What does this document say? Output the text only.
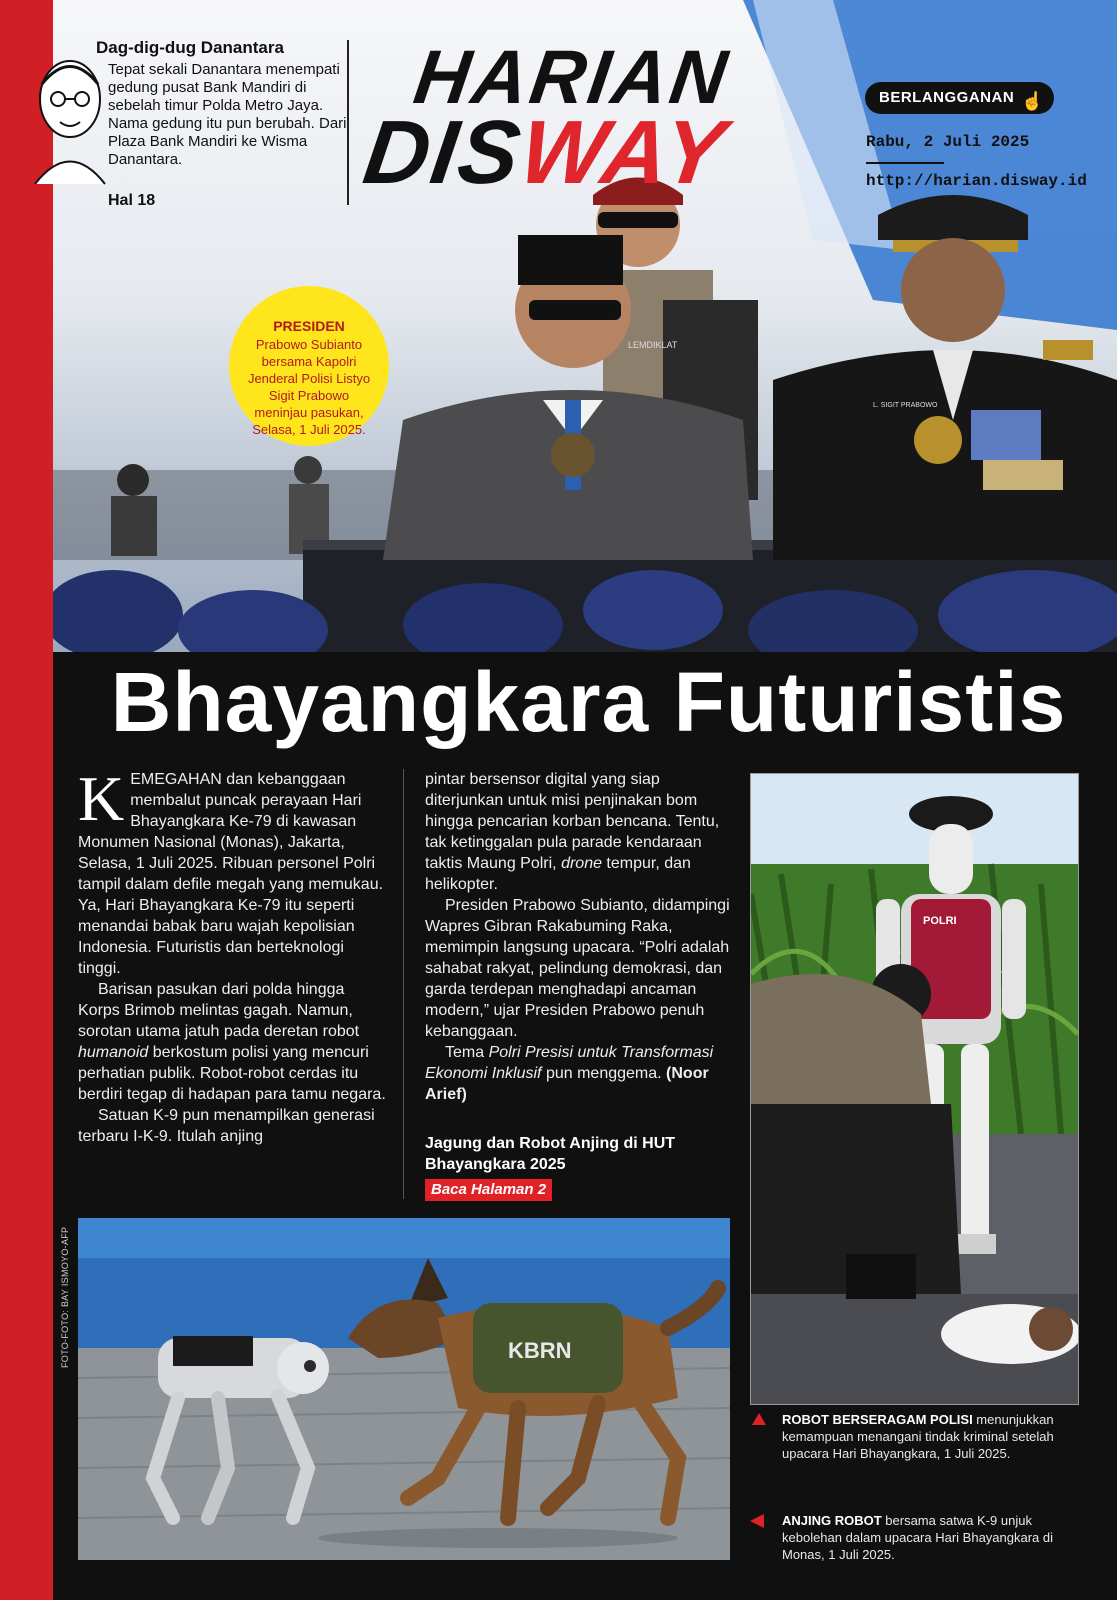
LEMDIKLAT
L. SIGIT PRABOWO
Dag-dig-dug Danantara
Tepat sekali Danantara menempati gedung pusat Bank Mandiri di sebelah timur Polda Metro Jaya. Nama gedung itu pun berubah. Dari Plaza Bank Mandiri ke Wisma Danantara.
Hal 18
HARIAN
DISWAY
BERLANGGANAN ☝
Rabu, 2 Juli 2025
http://harian.disway.id
PRESIDEN
Prabowo Subianto bersama Kapolri Jenderal Polisi Listyo Sigit Prabowo meninjau pasukan, Selasa, 1 Juli 2025.
Bhayangkara Futuristis

KEMEGAHAN dan kebanggaan membalut puncak perayaan Hari Bhayangkara Ke-79 di kawasan Monumen Nasional (Monas), Jakarta, Selasa, 1 Juli 2025. Ribuan personel Polri tampil dalam defile megah yang memukau. Ya, Hari Bhayangkara Ke-79 itu seperti menandai babak baru wajah kepolisian Indonesia. Futuristis dan berteknologi tinggi.

Barisan pasukan dari polda hingga Korps Brimob melintas gagah. Namun, sorotan utama jatuh pada deretan robot humanoid berkostum polisi yang mencuri perhatian publik. Robot-robot cerdas itu berdiri tegap di hadapan para tamu negara.

Satuan K-9 pun menampilkan generasi terbaru I-K-9. Itulah anjing

pintar bersensor digital yang siap diterjunkan untuk misi penjinakan bom hingga pencarian korban bencana. Tentu, tak ketinggalan pula parade kendaraan taktis Maung Polri, drone tempur, dan helikopter.

Presiden Prabowo Subianto, didampingi Wapres Gibran Rakabuming Raka, memimpin langsung upacara. “Polri adalah sahabat rakyat, pelindung demokrasi, dan garda terdepan menghadapi ancaman modern,” ujar Presiden Prabowo penuh kebanggaan.

Tema Polri Presisi untuk Transformasi Ekonomi Inklusif pun menggema. (Noor Arief)

Jagung dan Robot Anjing di HUT Bhayangkara 2025
Baca Halaman 2
POLRI
KBRN
FOTO-FOTO: BAY ISMOYO-AFP
ROBOT BERSERAGAM POLISI menunjukkan kemampuan menangani tindak kriminal setelah upacara Hari Bhayangkara, 1 Juli 2025.
ANJING ROBOT bersama satwa K-9 unjuk kebolehan dalam upacara Hari Bhayangkara di Monas, 1 Juli 2025.
